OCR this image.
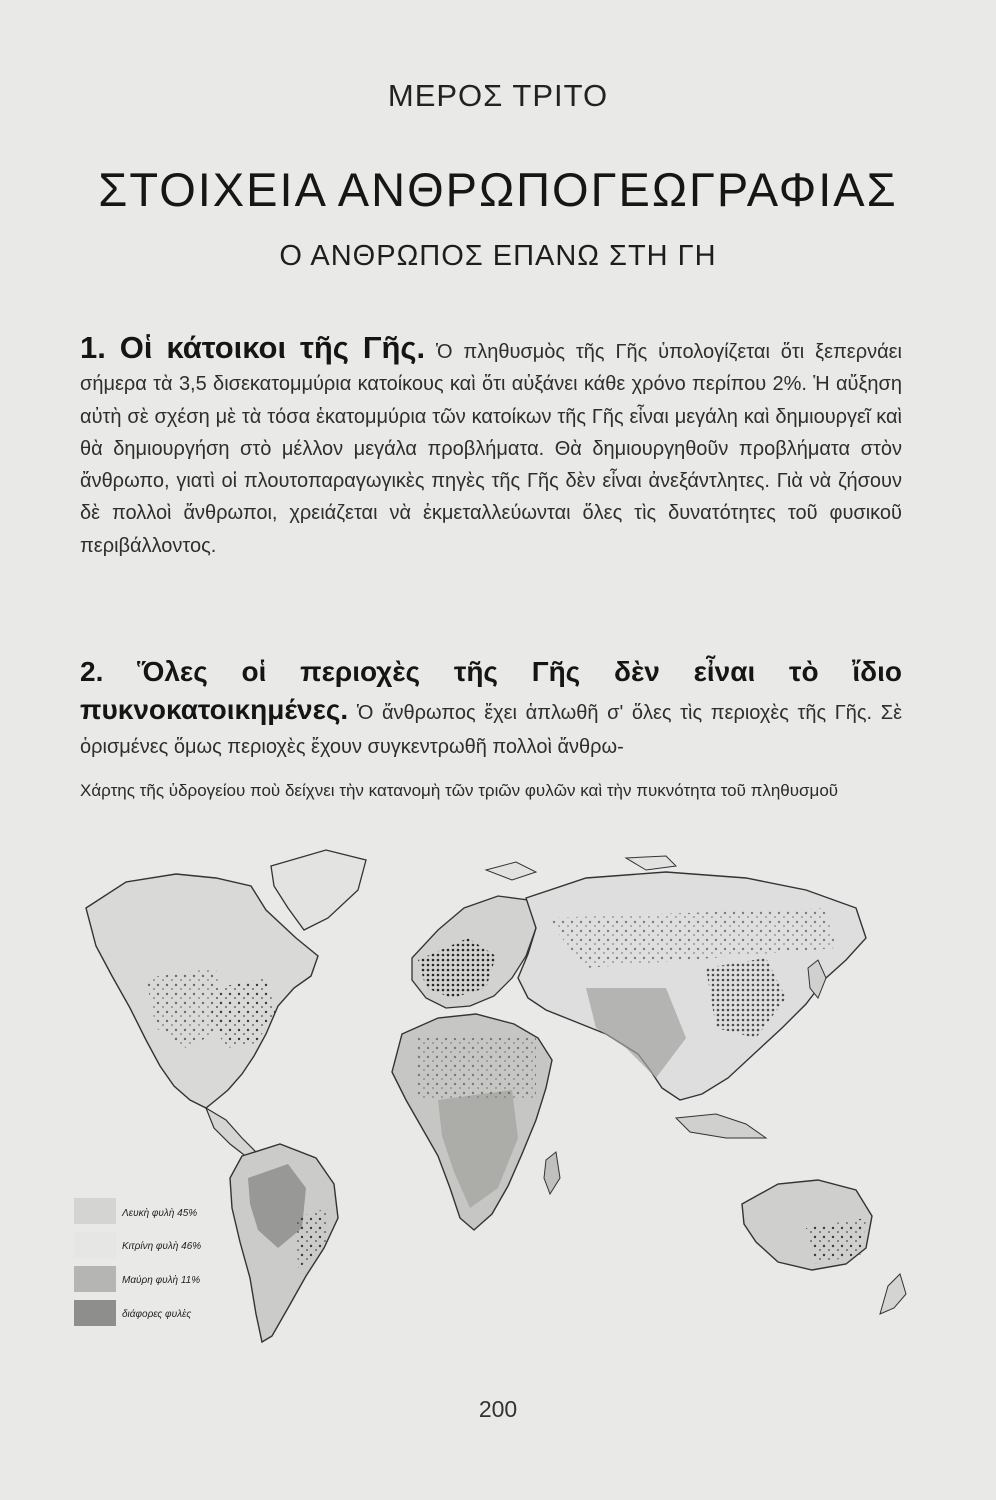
ΜΕΡΟΣ ΤΡΙΤΟ
ΣΤΟΙΧΕΙΑ ΑΝΘΡΩΠΟΓΕΩΓΡΑΦΙΑΣ
Ο ΑΝΘΡΩΠΟΣ ΕΠΑΝΩ ΣΤΗ ΓΗ
1. Οἱ κάτοικοι τῆς Γῆς. Ὁ πληθυσμὸς τῆς Γῆς ὑπολογίζεται ὅτι ξεπερνάει σήμερα τὰ 3,5 δισεκατομμύρια κατοίκους καὶ ὅτι αὐξάνει κάθε χρόνο περίπου 2%. Ἡ αὔξηση αὐτὴ σὲ σχέση μὲ τὰ τόσα ἑκατομμύρια τῶν κατοίκων τῆς Γῆς εἶναι μεγάλη καὶ δημιουργεῖ καὶ θὰ δημιουργήση στὸ μέλλον μεγάλα προβλήματα. Θὰ δημιουργηθοῦν προβλήματα στὸν ἄνθρωπο, γιατὶ οἱ πλουτοπαραγωγικὲς πηγὲς τῆς Γῆς δὲν εἶναι ἀνεξάντλητες. Γιὰ νὰ ζήσουν δὲ πολλοὶ ἄνθρωποι, χρειάζεται νὰ ἐκμεταλλεύωνται ὅλες τὶς δυνατότητες τοῦ φυσικοῦ περιβάλλοντος.
2. Ὅλες οἱ περιοχὲς τῆς Γῆς δὲν εἶναι τὸ ἴδιο πυκνοκατοικημένες. Ὁ ἄνθρωπος ἔχει ἁπλωθῆ σ' ὅλες τὶς περιοχὲς τῆς Γῆς. Σὲ ὁρισμένες ὅμως περιοχὲς ἔχουν συγκεντρωθῆ πολλοὶ ἄνθρω-
Χάρτης τῆς ὑδρογείου ποὺ δείχνει τὴν κατανομὴ τῶν τριῶν φυλῶν καὶ τὴν πυκνότητα τοῦ πληθυσμοῦ
Λευκὴ φυλὴ 45%
Κιτρίνη φυλὴ 46%
Μαύρη φυλὴ 11%
διάφορες φυλὲς
200
